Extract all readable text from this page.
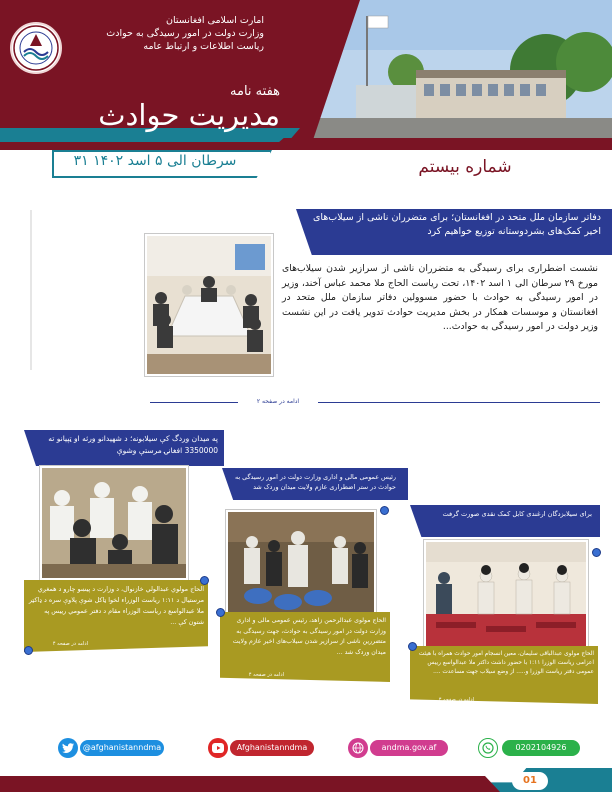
امارت اسلامی افغانستان
وزارت دولت در امور رسیدگی به حوادث
ریاست اطلاعات و ارتباط عامه
هفته نامه
مدیریت حوادث
۳۱ سرطان الی ۵ اسد ۱۴۰۲	شماره بیستم
دفاتر سازمان ملل متحد در افغانستان؛ برای متضرران ناشی از سیلاب‌های اخیر کمک‌های بشردوستانه توزیع خواهیم کرد
نشست اضطراری برای رسیدگی به متضرران ناشی از سرازیر شدن سیلاب‌های مورخ ۲۹ سرطان الی ۱ اسد ۱۴۰۲، تحت ریاست الحاج ملا محمد عباس آخند، وزیر در امور رسیدگی به حوادث با حضور مسوولین دفاتر سازمان ملل متحد در افغانستان و موسسات همکار در بخش مدیریت حوادث تدویر یافت در این نشست وزیر دولت در امور رسیدگی به حوادث...
ادامه در صفحه ۲
په میدان وردگ کې سیلابونه؛ د شهیدانو ورثه او ټپیانو ته 3350000 افغانۍ مرستې وشوې
الحاج مولوي عبدالولي خازنوال، د وزارت د پیښو چارو د همغږي مرستیال د ۱:۱۱ ریاست الوزراء لخوا ټاکل شوې پلاوې سره د ډاکټر ملا عبدالواسع د ریاست الوزراء مقام د دفتر عمومي رییس په شتون کې ...
ادامه در صفحه ۴
رئیس عمومی مالی و اداری وزارت دولت در امور رسیدگی به حوادث در ستر اضطراری عازم ولایت میدان وردک شد
الحاج مولوی عبدالرحمن زاهد، رئیس عمومی مالی و اداری وزارت دولت در امور رسیدگی به حوادث، جهت رسیدگی به متضررین ناشی از سرازیر شدن سیلاب‌های اخیر عازم ولایت میدان وردک شد ...
ادامه در صفحه ۴
برای سیلابزدگان ارغندی کابل کمک نقدی صورت گرفت
الحاج مولوی عبدالباقی سلیمان، معین انسجام امور حوادث همراه با هیئت اعزامی ریاست الوزرا ۱:۱۱ با حضور داشت داکتر ملا عبدالواسع رییس عمومی دفتر ریاست الوزرا و..... از وضع سیلاب جهت مساعدت ....
ادامه در صفحه ۴
@afghanistanndma	Afghanistanndma	andma.gov.af	0202104926
01
